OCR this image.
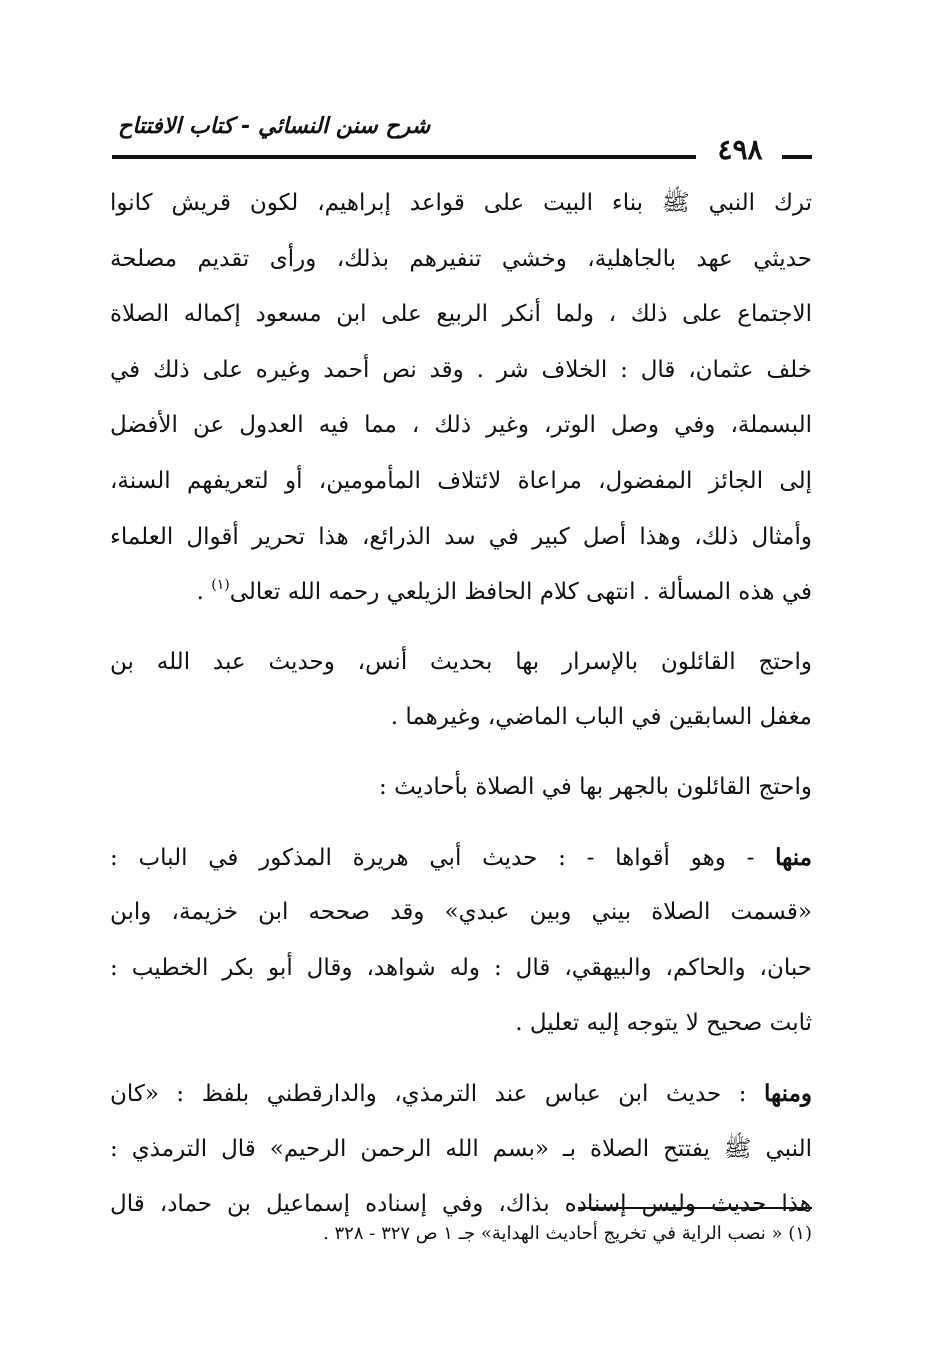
شرح سنن النسائي - كتاب الافتتاح
٤٩٨
ترك النبي ﷺ بناء البيت على قواعد إبراهيم، لكون قريش كانوا
حديثي عهد بالجاهلية، وخشي تنفيرهم بذلك، ورأى تقديم مصلحة
الاجتماع على ذلك ، ولما أنكر الربيع على ابن مسعود إكماله الصلاة
خلف عثمان، قال : الخلاف شر . وقد نص أحمد وغيره على ذلك في
البسملة، وفي وصل الوتر، وغير ذلك ، مما فيه العدول عن الأفضل
إلى الجائز المفضول، مراعاة لائتلاف المأمومين، أو لتعريفهم السنة،
وأمثال ذلك، وهذا أصل كبير في سد الذرائع، هذا تحرير أقوال العلماء
في هذه المسألة . انتهى كلام الحافظ الزيلعي رحمه الله تعالى$^{(١)}$ .
واحتج القائلون بالإسرار بها بحديث أنس، وحديث عبد الله بن
مغفل السابقين في الباب الماضي، وغيرهما .
واحتج القائلون بالجهر بها في الصلاة بأحاديث :
منها - وهو أقواها - : حديث أبي هريرة المذكور في الباب :
«قسمت الصلاة بيني وبين عبدي» وقد صححه ابن خزيمة، وابن
حبان، والحاكم، والبيهقي، قال : وله شواهد، وقال أبو بكر الخطيب :
ثابت صحيح لا يتوجه إليه تعليل .
ومنها : حديث ابن عباس عند الترمذي، والدارقطني بلفظ : «كان
النبي ﷺ يفتتح الصلاة بـ «بسم الله الرحمن الرحيم» قال الترمذي :
هذا حديث وليس إسناده بذاك، وفي إسناده إسماعيل بن حماد، قال
(١) « نصب الراية في تخريج أحاديث الهداية» جـ ١ ص ٣٢٧ - ٣٢٨ .
